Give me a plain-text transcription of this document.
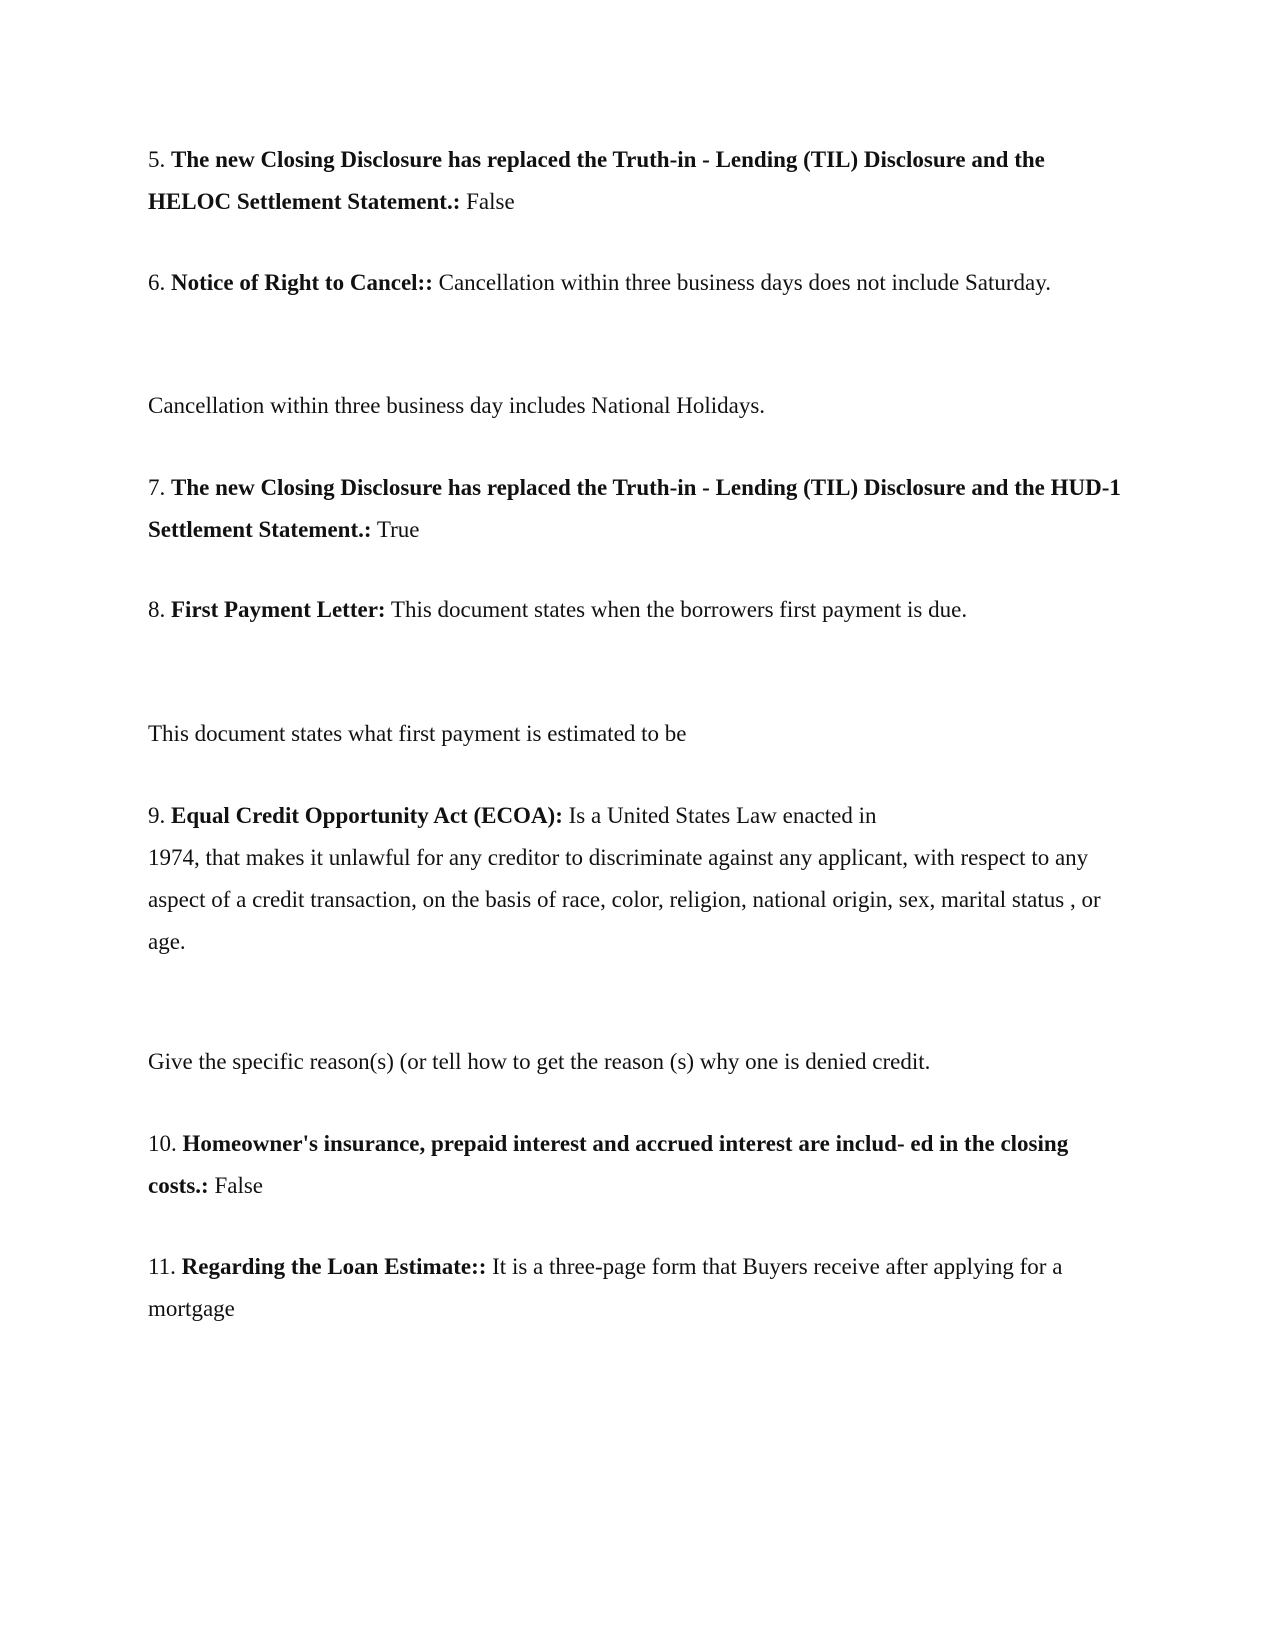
5. The new Closing Disclosure has replaced the Truth-in - Lending (TIL) Disclosure and the HELOC Settlement Statement.: False

6. Notice of Right to Cancel:: Cancellation within three business days does not include Saturday.

Cancellation within three business day includes National Holidays.

7. The new Closing Disclosure has replaced the Truth-in - Lending (TIL) Disclosure and the HUD-1 Settlement Statement.: True

8. First Payment Letter: This document states when the borrowers first payment is due.

This document states what first payment is estimated to be

9. Equal Credit Opportunity Act (ECOA): Is a United States Law enacted in
1974, that makes it unlawful for any creditor to discriminate against any applicant, with respect to any aspect of a credit transaction, on the basis of race, color, religion, national origin, sex, marital status , or age.

Give the specific reason(s) (or tell how to get the reason (s) why one is denied credit.

10. Homeowner's insurance, prepaid interest and accrued interest are includ- ed in the closing costs.: False

11. Regarding the Loan Estimate:: It is a three-page form that Buyers receive after applying for a mortgage
